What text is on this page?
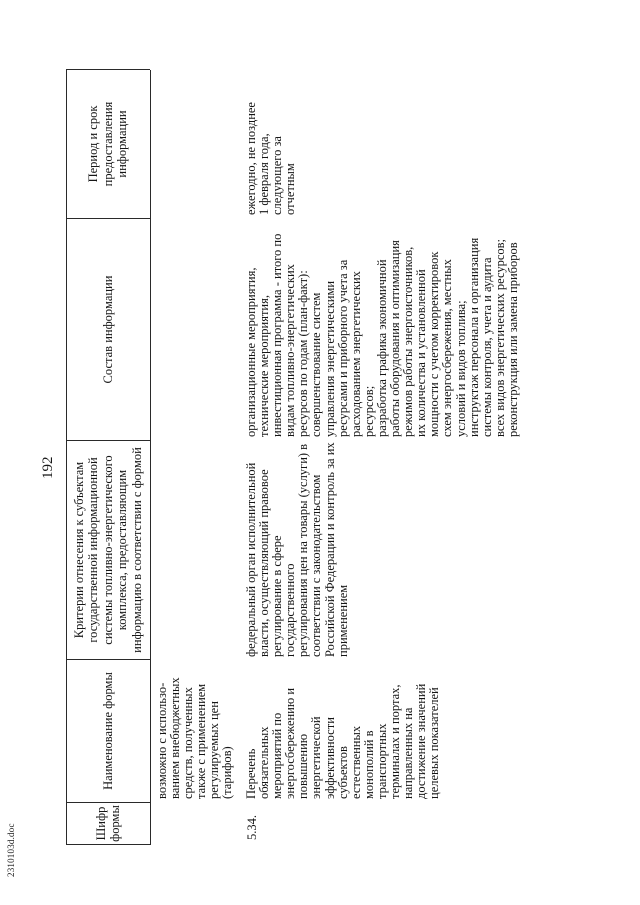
2310103d.doc
192
Шифр
формы
Наименование формы
Критерии отнесения к субъектам
государственной информационной
системы топливно-энергетического
комплекса, предоставляющим
информацию в соответствии с формой
Состав информации
Период и срок
предоставления
информации
возможно с использо-
ванием внебюджетных
средств, полученных
также с применением
регулируемых цен
(тарифов)
5.34.
Перечень
обязательных
мероприятий по
энергосбережению и
повышению
энергетической
эффективности
субъектов
естественных
монополий в
транспортных
терминалах и портах,
направленных на
достижение значений
целевых показателей
федеральный орган исполнительной
власти, осуществляющий правовое
регулирование в сфере государственного
регулирования цен на товары (услуги) в
соответствии с законодательством
Российской Федерации и контроль за их
применением
организационные мероприятия,
технические мероприятия,
инвестиционная программа - итого по
видам топливно-энергетических
ресурсов по годам (план-факт):
совершенствование систем
управления энергетическими
ресурсами и приборного учета за
расходованием энергетических
ресурсов;
разработка графика экономичной
работы оборудования и оптимизация
режимов работы энергоисточников,
их количества и установленной
мощности с учетом корректировок
схем энергосбережения, местных
условий и видов топлива;
инструктаж персонала и организация
системы контроля, учета и аудита
всех видов энергетических ресурсов;
реконструкция или замена приборов
ежегодно, не позднее
1 февраля года,
следующего за
отчетным
